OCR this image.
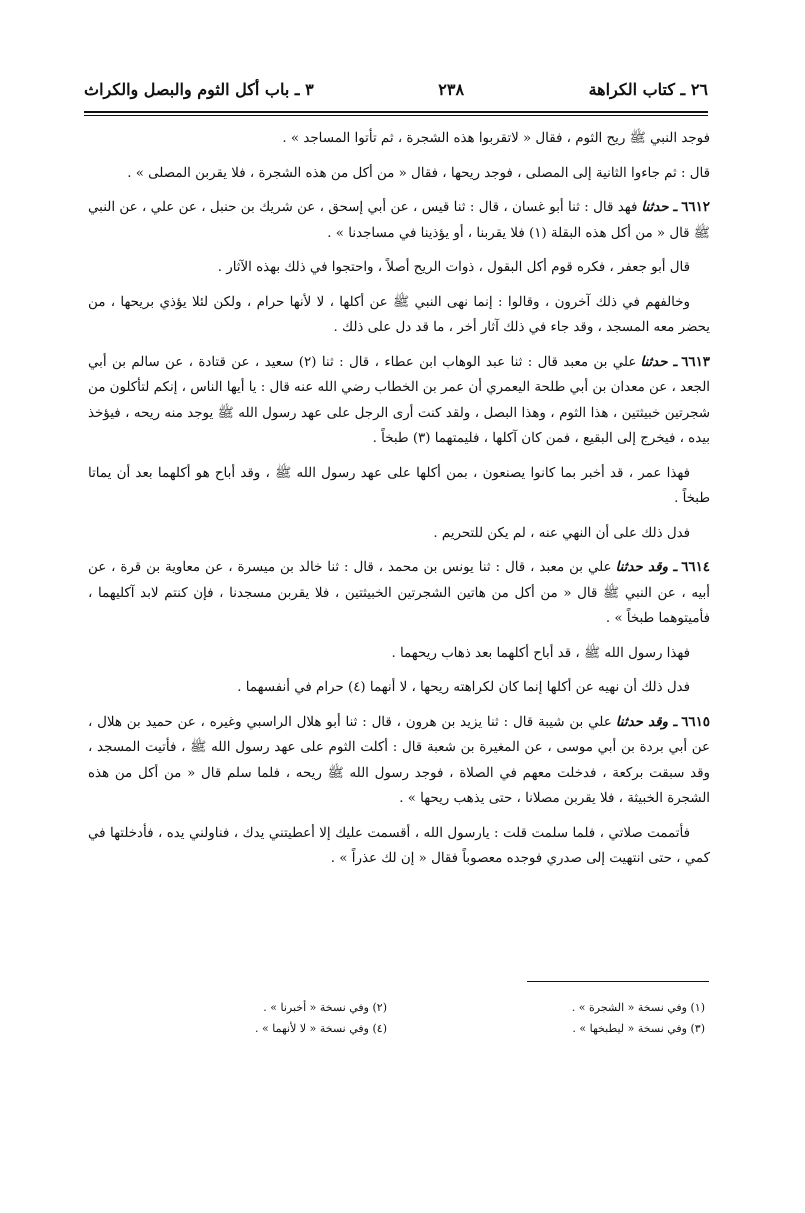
٢٦ ـ كتاب الكراهة
٢٣٨
٣ ـ باب أكل الثوم والبصل والكراث

فوجد النبي ﷺ ريح الثوم ، فقال « لاتقربوا هذه الشجرة ، ثم تأتوا المساجد » .

قال : ثم جاءوا الثانية إلى المصلى ، فوجد ريحها ، فقال « من أكل من هذه الشجرة ، فلا يقربن المصلى » .

٦٦١٢ـ حدثنافهد قال : ثنا أبو غسان ، قال : ثنا قيس ، عن أبي إسحق ، عن شريك بن حنبل ، عن علي ، عن النبي ﷺ قال « من أكل هذه البقلة (١) فلا يقربنا ، أو يؤذينا في مساجدنا » .

قال أبو جعفر ، فكره قوم أكل البقول ، ذوات الريح أصلاً ، واحتجوا في ذلك بهذه الآثار .

وخالفهم في ذلك آخرون ، وقالوا : إنما نهى النبي ﷺ عن أكلها ، لا لأنها حرام ، ولكن لئلا يؤذي بريحها ، من يحضر معه المسجد ، وقد جاء في ذلك آثار أخر ، ما قد دل على ذلك .

٦٦١٣ـ حدثناعلي بن معبد قال : ثنا عبد الوهاب ابن عطاء ، قال : ثنا (٢) سعيد ، عن قتادة ، عن سالم بن أبي الجعد ، عن معدان بن أبي طلحة اليعمري أن عمر بن الخطاب رضي الله عنه قال : يا أيها الناس ، إنكم لتأكلون من شجرتين خبيثتين ، هذا الثوم ، وهذا البصل ، ولقد كنت أرى الرجل على عهد رسول الله ﷺ يوجد منه ريحه ، فيؤخذ بيده ، فيخرج إلى البقيع ، فمن كان آكلها ، فليمتهما (٣) طبخاً .

فهذا عمر ، قد أخبر بما كانوا يصنعون ، بمن أكلها على عهد رسول الله ﷺ ، وقد أباح هو أكلهما بعد أن يماتا طبخاً .

فدل ذلك على أن النهي عنه ، لم يكن للتحريم .

٦٦١٤ـ وقد حدثناعلي بن معبد ، قال : ثنا يونس بن محمد ، قال : ثنا خالد بن ميسرة ، عن معاوية بن قرة ، عن أبيه ، عن النبي ﷺ قال « من أكل من هاتين الشجرتين الخبيثتين ، فلا يقربن مسجدنا ، فإن كنتم لابد آكليهما ، فأميتوهما طبخاً » .

فهذا رسول الله ﷺ ، قد أباح أكلهما بعد ذهاب ريحهما .

فدل ذلك أن نهيه عن أكلها إنما كان لكراهته ريحها ، لا أنهما (٤) حرام في أنفسهما .

٦٦١٥ـ وقد حدثناعلي بن شيبة قال : ثنا يزيد بن هرون ، قال : ثنا أبو هلال الراسبي وغيره ، عن حميد بن هلال ، عن أبي بردة بن أبي موسى ، عن المغيرة بن شعبة قال : أكلت الثوم على عهد رسول الله ﷺ ، فأتيت المسجد ، وقد سبقت بركعة ، فدخلت معهم في الصلاة ، فوجد رسول الله ﷺ ريحه ، فلما سلم قال « من أكل من هذه الشجرة الخبيثة ، فلا يقربن مصلانا ، حتى يذهب ريحها » .

فأتممت صلاتي ، فلما سلمت قلت : يارسول الله ، أقسمت عليك إلا أعطيتني يدك ، فناولني يده ، فأدخلتها في كمي ، حتى انتهيت إلى صدري فوجده معصوباً فقال « إن لك عذراً » .

(١) وفي نسخة « الشجرة » .
(٣) وفي نسخة « ليطبخها » .
(٢) وفي نسخة « أخبرنا » .
(٤) وفي نسخة « لا لأنهما » .
